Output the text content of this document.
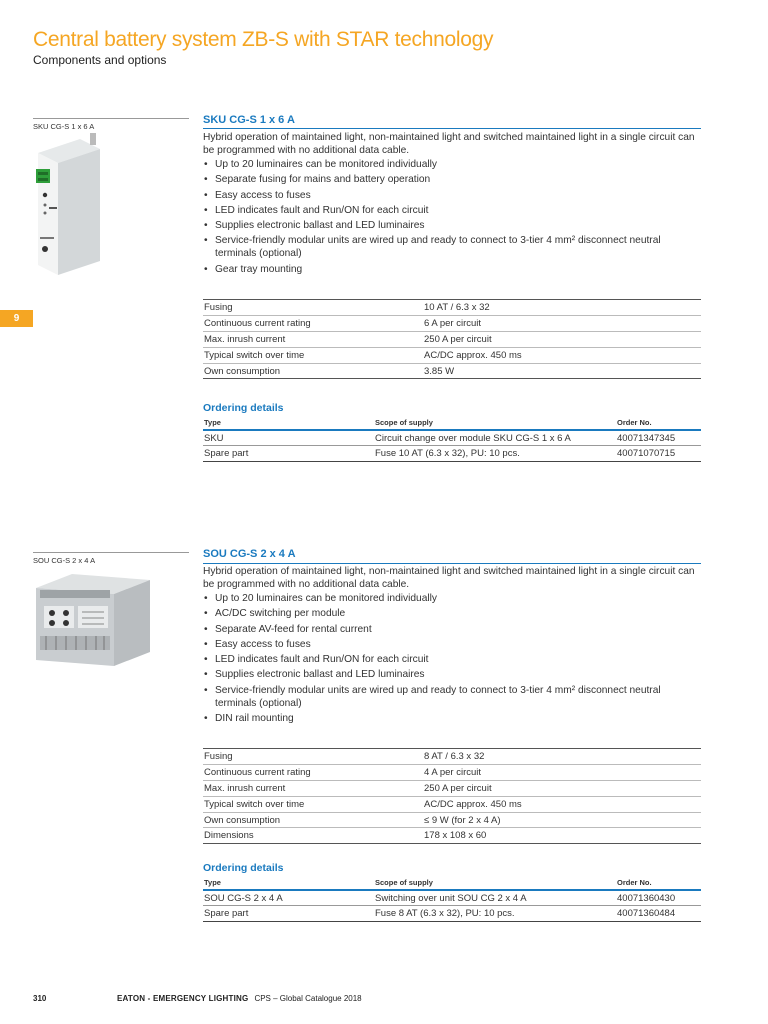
Central battery system ZB-S with STAR technology
Components and options
9
SKU CG-S 1 x 6 A
SKU CG-S 1 x 6 A
Hybrid operation of maintained light, non-maintained light and switched maintained light in a single circuit can be programmed with no additional data cable.
• Up to 20 luminaires can be monitored individually
• Separate fusing for mains and battery operation
• Easy access to fuses
• LED indicates fault and Run/ON for each circuit
• Supplies electronic ballast and LED luminaires
• Service-friendly modular units are wired up and ready to connect to 3-tier 4 mm² disconnect neutral terminals (optional)
• Gear tray mounting
Fusing	10 AT / 6.3 x 32
Continuous current rating	6 A per circuit
Max. inrush current	250 A per circuit
Typical switch over time	AC/DC approx. 450 ms
Own consumption	3.85 W
Ordering details
Type	Scope of supply	Order No.
SKU	Circuit change over module SKU CG-S 1 x 6 A	40071347345
Spare part	Fuse 10 AT (6.3 x 32), PU: 10 pcs.	40071070715
SOU CG-S 2 x 4 A
SOU CG-S 2 x 4 A
Hybrid operation of maintained light, non-maintained light and switched maintained light in a single circuit can be programmed with no additional data cable.
• Up to 20 luminaires can be monitored individually
• AC/DC switching per module
• Separate AV-feed for rental current
• Easy access to fuses
• LED indicates fault and Run/ON for each circuit
• Supplies electronic ballast and LED luminaires
• Service-friendly modular units are wired up and ready to connect to 3-tier 4 mm² disconnect neutral terminals (optional)
• DIN rail mounting
Fusing	8 AT / 6.3 x 32
Continuous current rating	4 A per circuit
Max. inrush current	250 A per circuit
Typical switch over time	AC/DC approx. 450 ms
Own consumption	≤ 9 W (for 2 x 4 A)
Dimensions	178 x 108 x 60
Ordering details
Type	Scope of supply	Order No.
SOU CG-S 2 x 4 A	Switching over unit SOU CG 2 x 4 A	40071360430
Spare part	Fuse 8 AT (6.3 x 32), PU: 10 pcs.	40071360484
310	EATON - EMERGENCY LIGHTING CPS – Global Catalogue 2018
